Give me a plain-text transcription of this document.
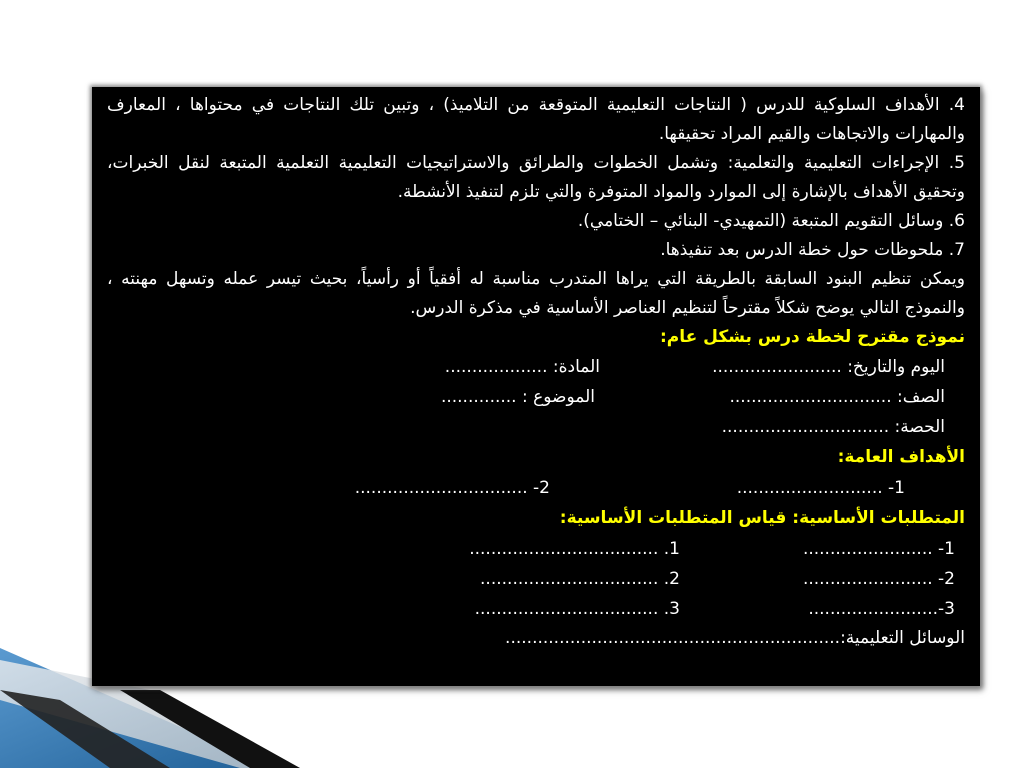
4. الأهداف السلوكية للدرس ( النتاجات التعليمية المتوقعة من التلاميذ) ، وتبين تلك النتاجات في محتواها ، المعارف والمهارات والاتجاهات والقيم المراد تحقيقها.

5. الإجراءات التعليمية والتعلمية: وتشمل الخطوات والطرائق والاستراتيجيات التعليمية التعلمية المتبعة لنقل الخبرات، وتحقيق الأهداف بالإشارة إلى الموارد والمواد المتوفرة والتي تلزم لتنفيذ الأنشطة.

6. وسائل التقويم المتبعة (التمهيدي- البنائي – الختامي).

7. ملحوظات حول خطة الدرس بعد تنفيذها.

ويمكن تنظيم البنود السابقة بالطريقة التي يراها المتدرب مناسبة له أفقياً أو رأسياً، بحيث تيسر عمله وتسهل مهنته ، والنموذج التالي يوضح شكلاً مقترحاً لتنظيم العناصر الأساسية في مذكرة الدرس.

نموذج مقترح لخطة درس بشكل عام:
اليوم والتاريخ: ........................
المادة: ...................
الصف: ..............................
الموضوع : ..............
الحصة: ...............................
الأهداف العامة:
1- ...........................
2- ................................
المتطلبات الأساسية: قياس المتطلبات الأساسية:
1- ........................
1. ...................................
2- ........................
2. .................................
3-........................
3. ..................................
الوسائل التعليمية:..............................................................
